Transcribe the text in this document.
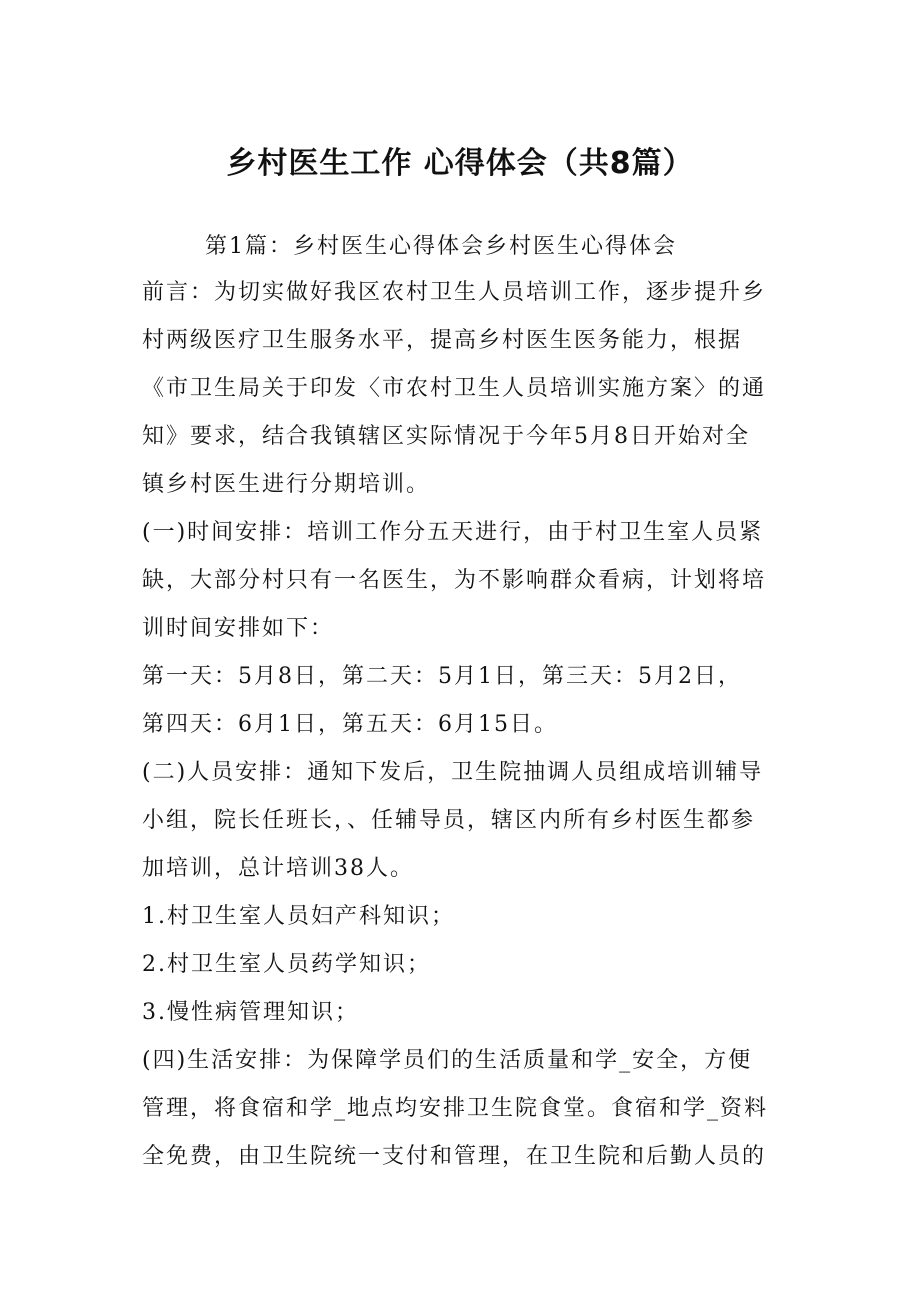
乡村医生工作 心得体会（共8篇）
第1篇：乡村医生心得体会乡村医生心得体会
前言：为切实做好我区农村卫生人员培训工作，逐步提升乡
村两级医疗卫生服务水平，提高乡村医生医务能力，根据
《市卫生局关于印发〈市农村卫生人员培训实施方案〉的通
知》要求，结合我镇辖区实际情况于今年5月8日开始对全
镇乡村医生进行分期培训。
(一)时间安排：培训工作分五天进行，由于村卫生室人员紧
缺，大部分村只有一名医生，为不影响群众看病，计划将培
训时间安排如下：
第一天：5月8日，第二天：5月1日，第三天：5月2日，
第四天：6月1日，第五天：6月15日。
(二)人员安排：通知下发后，卫生院抽调人员组成培训辅导
小组，院长任班长，、任辅导员，辖区内所有乡村医生都参
加培训，总计培训38人。
1.村卫生室人员妇产科知识；
2.村卫生室人员药学知识；
3.慢性病管理知识；
(四)生活安排：为保障学员们的生活质量和学_安全，方便
管理，将食宿和学_地点均安排卫生院食堂。食宿和学_资料
全免费，由卫生院统一支付和管理，在卫生院和后勤人员的
